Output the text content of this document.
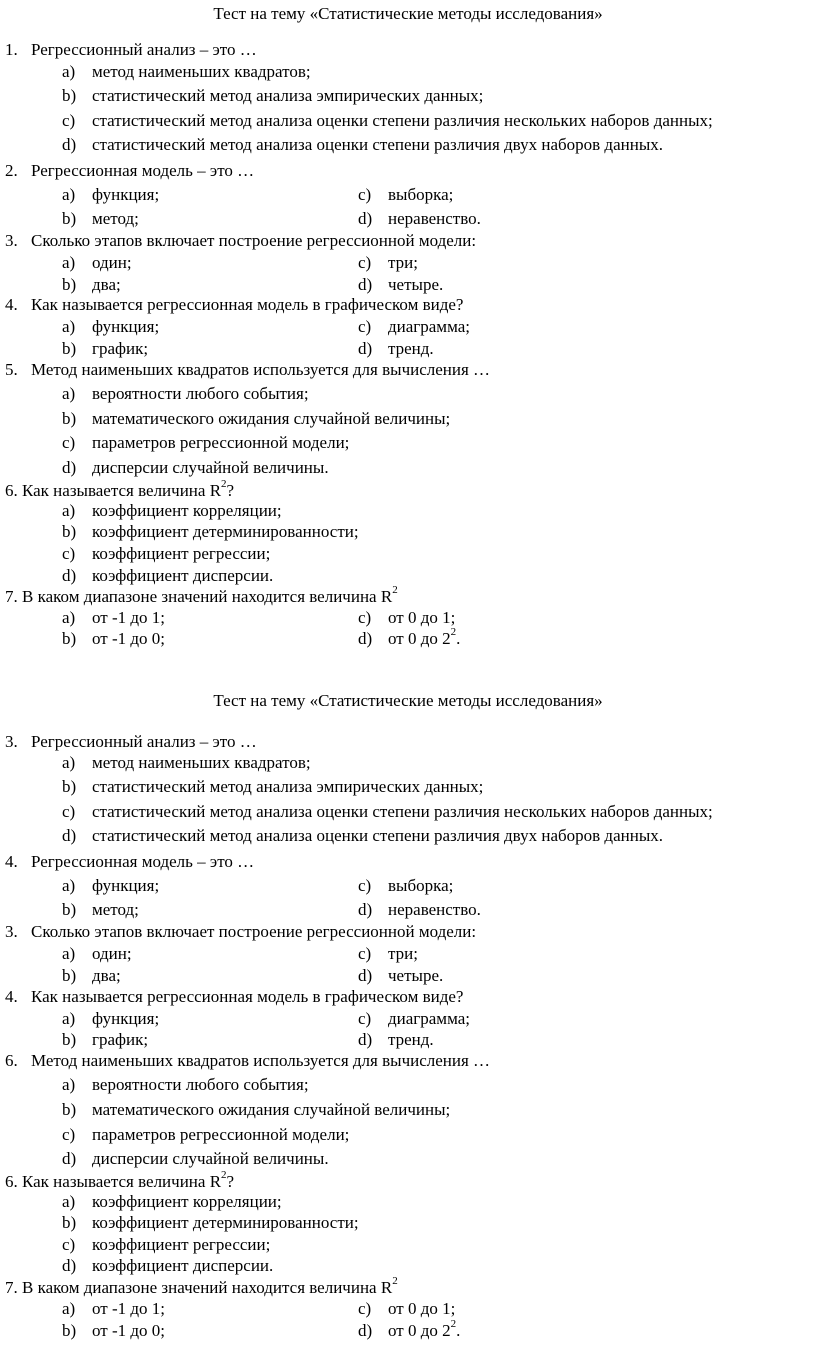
Тест на тему «Статистические методы исследования»
1. Регрессионный анализ – это …
a) метод наименьших квадратов;
b) статистический метод анализа эмпирических данных;
c) статистический метод анализа оценки степени различия нескольких наборов данных;
d) статистический метод анализа оценки степени различия двух наборов данных.
2. Регрессионная модель – это …
a) функция;	c) выборка;
b) метод;	d) неравенство.
3. Сколько этапов включает построение регрессионной модели:
a) один;	c) три;
b) два;	d) четыре.
4. Как называется регрессионная модель в графическом виде?
a) функция;	c) диаграмма;
b) график;	d) тренд.
5. Метод наименьших квадратов используется для вычисления …
a) вероятности любого события;
b) математического ожидания случайной величины;
c) параметров регрессионной модели;
d) дисперсии случайной величины.
6. Как называется величина $R^2$?
a) коэффициент корреляции;
b) коэффициент детерминированности;
c) коэффициент регрессии;
d) коэффициент дисперсии.
7. В каком диапазоне значений находится величина $R^2$
a) от -1 до 1;	c) от 0 до 1;
b) от -1 до 0;	d) от 0 до $2^2$.
Тест на тему «Статистические методы исследования»
3. Регрессионный анализ – это …
a) метод наименьших квадратов;
b) статистический метод анализа эмпирических данных;
c) статистический метод анализа оценки степени различия нескольких наборов данных;
d) статистический метод анализа оценки степени различия двух наборов данных.
4. Регрессионная модель – это …
a) функция;	c) выборка;
b) метод;	d) неравенство.
3. Сколько этапов включает построение регрессионной модели:
a) один;	c) три;
b) два;	d) четыре.
4. Как называется регрессионная модель в графическом виде?
a) функция;	c) диаграмма;
b) график;	d) тренд.
6. Метод наименьших квадратов используется для вычисления …
a) вероятности любого события;
b) математического ожидания случайной величины;
c) параметров регрессионной модели;
d) дисперсии случайной величины.
6. Как называется величина $R^2$?
a) коэффициент корреляции;
b) коэффициент детерминированности;
c) коэффициент регрессии;
d) коэффициент дисперсии.
7. В каком диапазоне значений находится величина $R^2$
a) от -1 до 1;	c) от 0 до 1;
b) от -1 до 0;	d) от 0 до $2^2$.
